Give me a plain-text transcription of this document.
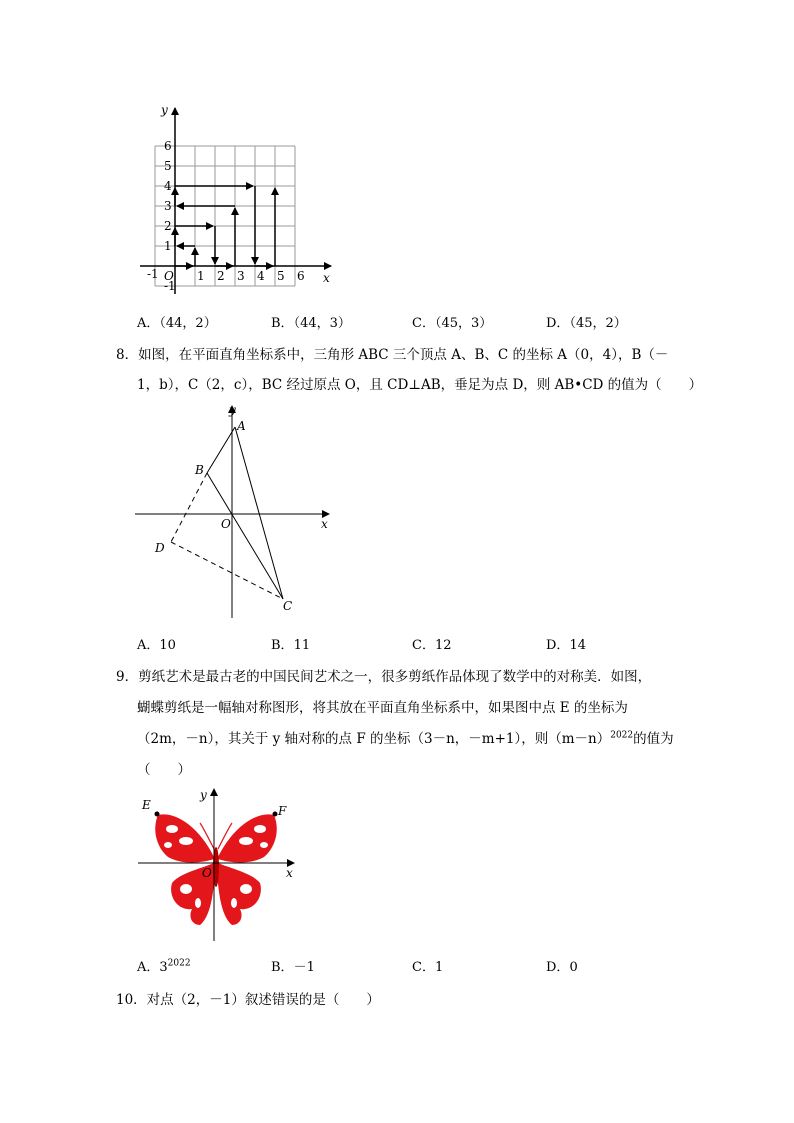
y
x
O
6
5
4
3
2
1
-1
-1	1 2 3 4 5 6
A．（44，2）	B．（44，3）	C．（45，3）	D．（45，2）
8．如图，在平面直角坐标系中，三角形 ABC 三个顶点 A、B、C 的坐标 A（0，4），B（－
1，b），C（2，c），BC 经过原点 O，且 CD⊥AB，垂足为点 D，则 AB•CD 的值为（　　）
y
x
A
B
C
D
O
A．10	B．11	C．12	D．14
9．剪纸艺术是最古老的中国民间艺术之一，很多剪纸作品体现了数学中的对称美．如图，
蝴蝶剪纸是一幅轴对称图形，将其放在平面直角坐标系中，如果图中点 E 的坐标为
（2m，－n），其关于 y 轴对称的点 F 的坐标（3－n，－m+1），则$(m-n)^{2022}$的值为
（　　）
E	F
y
x
O
A．$3^{2022}$	B．－1	C．1	D．0
10．对点（2，－1）叙述错误的是（　　）
